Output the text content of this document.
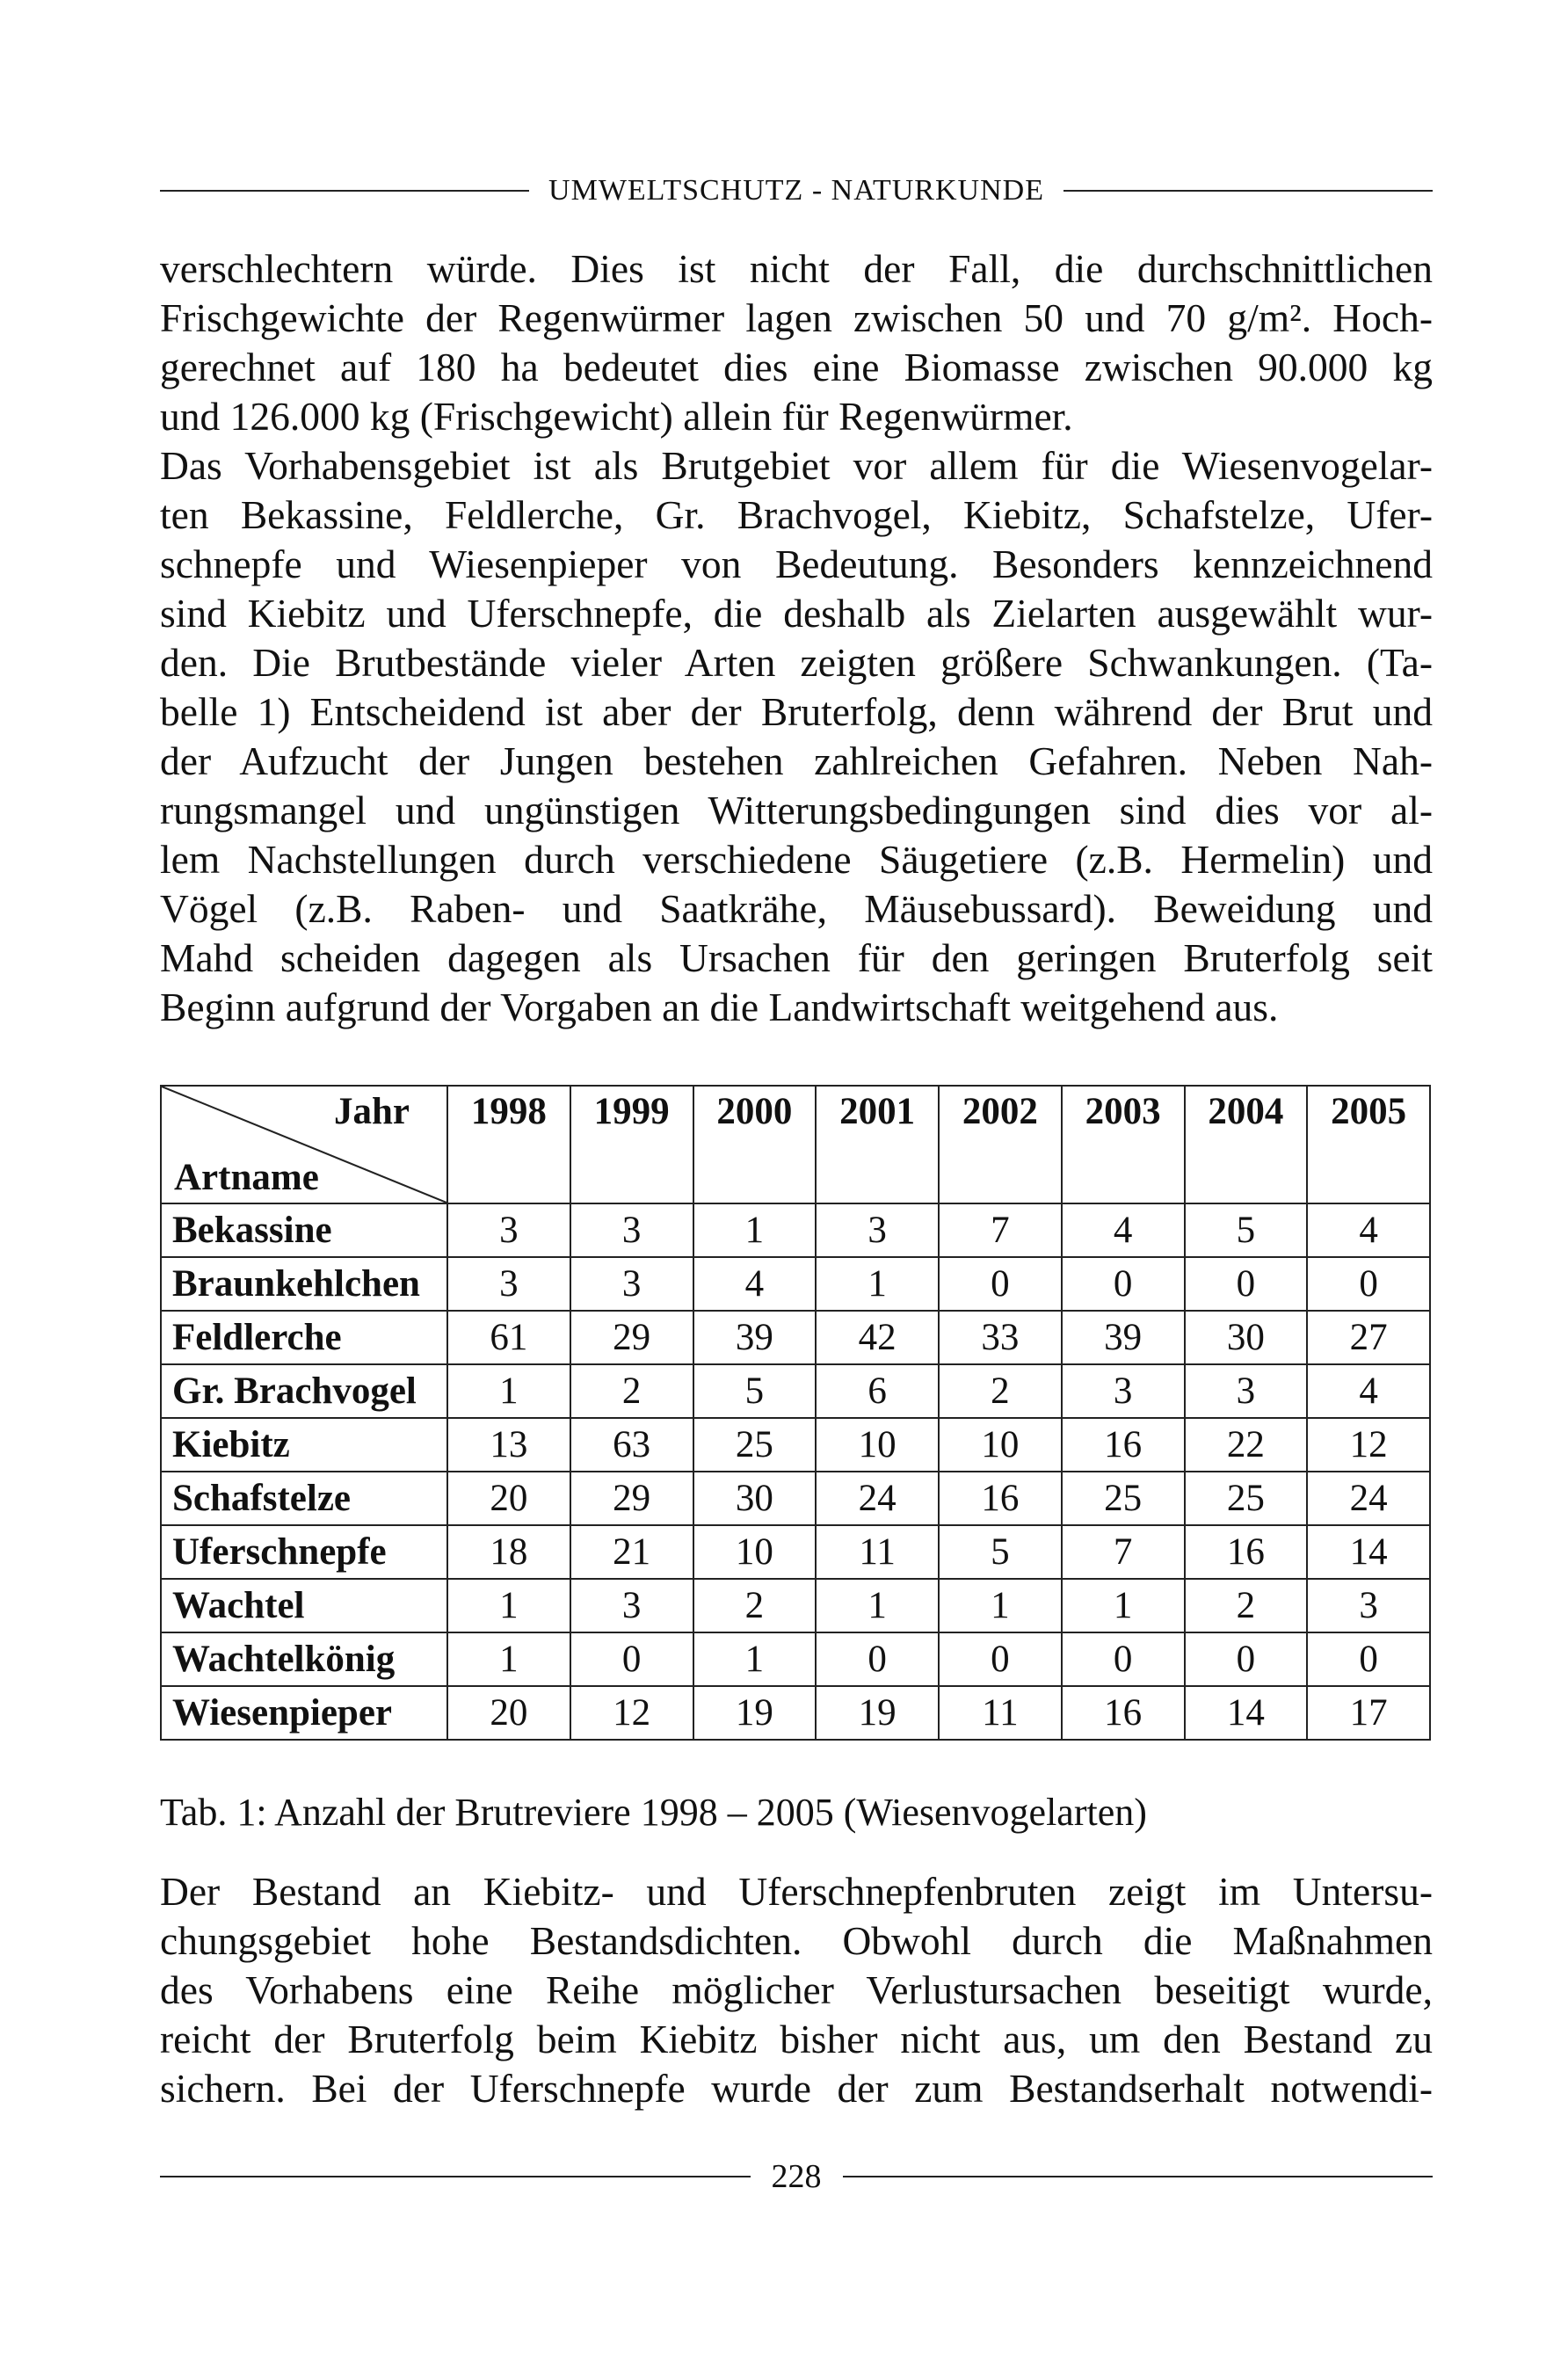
UMWELTSCHUTZ - NATURKUNDE
verschlechtern würde. Dies ist nicht der Fall, die durchschnittlichen
Frischgewichte der Regenwürmer lagen zwischen 50 und 70 g/m². Hoch-
gerechnet auf 180 ha bedeutet dies eine Biomasse zwischen 90.000 kg
und 126.000 kg (Frischgewicht) allein für Regenwürmer.
Das Vorhabensgebiet ist als Brutgebiet vor allem für die Wiesenvogelar-
ten Bekassine, Feldlerche, Gr. Brachvogel, Kiebitz, Schafstelze, Ufer-
schnepfe und Wiesenpieper von Bedeutung. Besonders kennzeichnend
sind Kiebitz und Uferschnepfe, die deshalb als Zielarten ausgewählt wur-
den. Die Brutbestände vieler Arten zeigten größere Schwankungen. (Ta-
belle 1) Entscheidend ist aber der Bruterfolg, denn während der Brut und
der Aufzucht der Jungen bestehen zahlreichen Gefahren. Neben Nah-
rungsmangel und ungünstigen Witterungsbedingungen sind dies vor al-
lem Nachstellungen durch verschiedene Säugetiere (z.B. Hermelin) und
Vögel (z.B. Raben- und Saatkrähe, Mäusebussard). Beweidung und
Mahd scheiden dagegen als Ursachen für den geringen Bruterfolg seit
Beginn aufgrund der Vorgaben an die Landwirtschaft weitgehend aus.
Jahr
Artname	1998	1999	2000	2001	2002	2003	2004	2005
Bekassine	3	3	1	3	7	4	5	4
Braunkehlchen	3	3	4	1	0	0	0	0
Feldlerche	61	29	39	42	33	39	30	27
Gr. Brachvogel	1	2	5	6	2	3	3	4
Kiebitz	13	63	25	10	10	16	22	12
Schafstelze	20	29	30	24	16	25	25	24
Uferschnepfe	18	21	10	11	5	7	16	14
Wachtel	1	3	2	1	1	1	2	3
Wachtelkönig	1	0	1	0	0	0	0	0
Wiesenpieper	20	12	19	19	11	16	14	17
Tab. 1: Anzahl der Brutreviere 1998 – 2005 (Wiesenvogelarten)
Der Bestand an Kiebitz- und Uferschnepfenbruten zeigt im Untersu-
chungsgebiet hohe Bestandsdichten. Obwohl durch die Maßnahmen
des Vorhabens eine Reihe möglicher Verlustursachen beseitigt wurde,
reicht der Bruterfolg beim Kiebitz bisher nicht aus, um den Bestand zu
sichern. Bei der Uferschnepfe wurde der zum Bestandserhalt notwendi-
228
